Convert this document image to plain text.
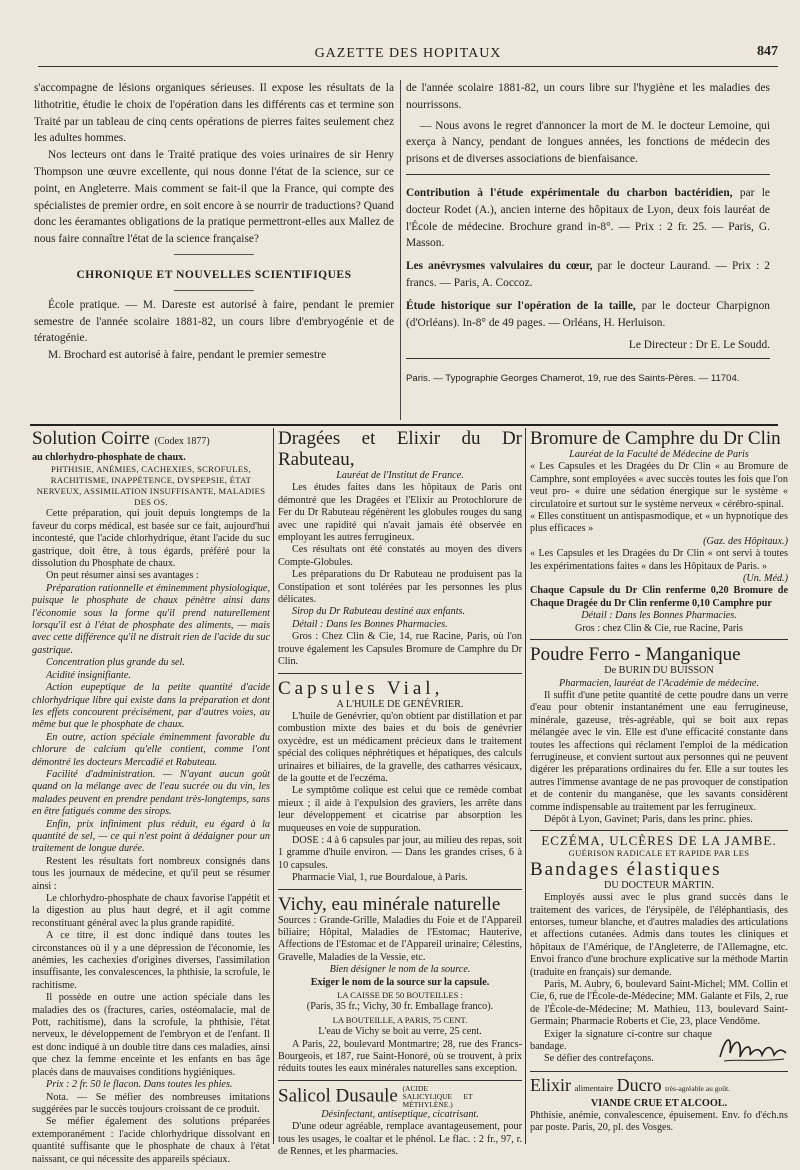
GAZETTE DES HOPITAUX	847

s'accompagne de lésions organiques sérieuses. Il expose les résultats de la lithotritie, étudie le choix de l'opération dans les différents cas et termine son Traité par un tableau de cinq cents opérations de pierres faites seulement chez les adultes hommes.

Nos lecteurs ont dans le Traité pratique des voies urinaires de sir Henry Thompson une œuvre excellente, qui nous donne l'état de la science, sur ce point, en Angleterre. Mais comment se fait-il que la France, qui compte des spécialistes de premier ordre, en soit encore à se nourrir de traductions? Quand donc les éeramantes obligations de la pratique permettront-elles aux Mallez de nous faire connaître l'état de la science française?

CHRONIQUE ET NOUVELLES SCIENTIFIQUES

École pratique. — M. Dareste est autorisé à faire, pendant le premier semestre de l'année scolaire 1881-82, un cours libre d'embryogénie et de tératogénie.

M. Brochard est autorisé à faire, pendant le premier semestre

de l'année scolaire 1881-82, un cours libre sur l'hygiène et les maladies des nourrissons.

— Nous avons le regret d'annoncer la mort de M. le docteur Lemoine, qui exerça à Nancy, pendant de longues années, les fonctions de médecin des prisons et de diverses associations de bienfaisance.

Contribution à l'étude expérimentale du charbon bactéridien, par le docteur Rodet (A.), ancien interne des hôpitaux de Lyon, deux fois lauréat de l'École de médecine. Brochure grand in-8°. — Prix : 2 fr. 25. — Paris, G. Masson.

Les anévrysmes valvulaires du cœur, par le docteur Laurand. — Prix : 2 francs. — Paris, A. Coccoz.

Étude historique sur l'opération de la taille, par le docteur Charpignon (d'Orléans). In-8° de 49 pages. — Orléans, H. Herluison.

Le Directeur : Dr E. Le Soudd.

Paris. — Typographie Georges Chamerot, 19, rue des Saints-Pères. — 11704.

Solution Coirre (Codex 1877)
au chlorhydro-phosphate de chaux.
PHTHISIE, ANÉMIES, CACHEXIES, SCROFULES, RACHITISME, INAPPÉTENCE, DYSPEPSIE, ÉTAT NERVEUX, ASSIMILATION INSUFFISANTE, MALADIES DES OS.

Cette préparation, qui jouit depuis longtemps de la faveur du corps médical, est basée sur ce fait, aujourd'hui incontesté, que l'acide chlorhydrique, étant l'acide du suc gastrique, doit être, à tous égards, préféré pour la dissolution du Phosphate de chaux.

On peut résumer ainsi ses avantages :

Préparation rationnelle et éminemment physiologique, puisque le phosphate de chaux pénètre ainsi dans l'économie sous la forme qu'il prend naturellement lorsqu'il est à l'état de phosphate des aliments, — mais avec cette différence qu'il ne distrait rien de l'acide du suc gastrique.

Concentration plus grande du sel.

Acidité insignifiante.

Action eupeptique de la petite quantité d'acide chlorhydrique libre qui existe dans la préparation et dont les effets concourent précisément, par d'autres voies, au même but que le phosphate de chaux.

En outre, action spéciale éminemment favorable du chlorure de calcium qu'elle contient, comme l'ont démontré les docteurs Mercadié et Rabuteau.

Facilité d'administration. — N'ayant aucun goût quand on la mélange avec de l'eau sucrée ou du vin, les malades peuvent en prendre pendant très-longtemps, sans en être fatigués comme des sirops.

Enfin, prix infiniment plus réduit, eu égard à la quantité de sel, — ce qui n'est point à dédaigner pour un traitement de longue durée.

Restent les résultats fort nombreux consignés dans tous les journaux de médecine, et qu'il peut se résumer ainsi :

Le chlorhydro-phosphate de chaux favorise l'appétit et la digestion au plus haut degré, et il agit comme reconstituant général avec la plus grande rapidité.

A ce titre, il est donc indiqué dans toutes les circonstances où il y a une dépression de l'économie, les anémies, les cachexies d'origines diverses, l'assimilation insuffisante, les convalescences, la phthisie, la scrofule, le rachitisme.

Il possède en outre une action spéciale dans les maladies des os (fractures, caries, ostéomalacie, mal de Pott, rachitisme), dans la scrofule, la phthisie, l'état nerveux, le développement de l'embryon et de l'enfant. Il est donc indiqué à un double titre dans ces maladies, ainsi que chez la femme enceinte et les enfants en bas âge placés dans de mauvaises conditions hygiéniques.

Prix : 2 fr. 50 le flacon. Dans toutes les phies.

Nota. — Se méfier des nombreuses imitations suggérées par le succès toujours croissant de ce produit.

Se méfier également des solutions préparées extemporanément : l'acide chlorhydrique dissolvant en quantité suffisante que le phosphate de chaux à l'état naissant, ce qui nécessite des appareils spéciaux.

Dragées et Elixir du Dr Rabuteau,
Lauréat de l'Institut de France.

Les études faites dans les hôpitaux de Paris ont démontré que les Dragées et l'Elixir au Protochlorure de Fer du Dr Rabuteau régénèrent les globules rouges du sang avec une rapidité qui n'avait jamais été observée en employant les autres ferrugineux.

Ces résultats ont été constatés au moyen des divers Compte-Globules.

Les préparations du Dr Rabuteau ne produisent pas la Constipation et sont tolérées par les personnes les plus délicates.

Sirop du Dr Rabuteau destiné aux enfants.

Détail : Dans les Bonnes Pharmacies.

Gros : Chez Clin & Cie, 14, rue Racine, Paris, où l'on trouve également les Capsules Bromure de Camphre du Dr Clin.

Capsules Vial,
A L'HUILE DE GENÉVRIER.

L'huile de Genévrier, qu'on obtient par distillation et par combustion mixte des baies et du bois de genévrier oxycèdre, est un médicament précieux dans le traitement spécial des coliques néphrétiques et hépatiques, des calculs urinaires et biliaires, de la gravelle, des catharres vésicaux, de la goutte et de l'eczéma.

Le symptôme colique est celui que ce remède combat mieux ; il aide à l'expulsion des graviers, les arrête dans leur développement et cicatrise par absorption les muqueuses en voie de suppuration.

DOSE : 4 à 6 capsules par jour, au milieu des repas, soit 1 gramme d'huile environ. — Dans les grandes crises, 6 à 10 capsules.

Pharmacie Vial, 1, rue Bourdaloue, à Paris.

Vichy, eau minérale naturelle

Sources : Grande-Grille, Maladies du Foie et de l'Appareil biliaire; Hôpital, Maladies de l'Estomac; Hauterive, Affections de l'Estomac et de l'Appareil urinaire; Célestins, Gravelle, Maladies de la Vessie, etc.

Bien désigner le nom de la source.

Exiger le nom de la source sur la capsule.

LA CAISSE DE 50 BOUTEILLES :

(Paris, 35 fr.; Vichy, 30 fr. Emballage franco).

LA BOUTEILLE, A PARIS, 75 CENT.

L'eau de Vichy se boit au verre, 25 cent.

A Paris, 22, boulevard Montmartre; 28, rue des Francs-Bourgeois, et 187, rue Saint-Honoré, où se trouvent, à prix réduits toutes les eaux minérales naturelles sans exception.

Salicol Dusaule (ACIDE SALICYLIQUE ET MÉTHYLÈNE.)
Désinfectant, antiseptique, cicatrisant.

D'une odeur agréable, remplace avantageusement, pour tous les usages, le coaltar et le phénol. Le flac. : 2 fr., 97, r. de Rennes, et les pharmacies.

Bromure de Camphre du Dr Clin
Lauréat de la Faculté de Médecine de Paris

« Les Capsules et les Dragées du Dr Clin « au Bromure de Camphre, sont employées « avec succès toutes les fois que l'on veut pro- « duire une sédation énergique sur le système « circulatoire et surtout sur le système nerveux « cérébro-spinal.

« Elles constituent un antispasmodique, et « un hypnotique des plus efficaces »

(Gaz. des Hôpitaux.)

« Les Capsules et les Dragées du Dr Clin « ont servi à toutes les expérimentations faites « dans les Hôpitaux de Paris. »

(Un. Méd.)

Chaque Capsule du Dr Clin renferme 0,20 Bromure de Chaque Dragée du Dr Clin renferme 0,10 Camphre pur

Détail : Dans les Bonnes Pharmacies.

Gros : chez Clin & Cie, rue Racine, Paris

Poudre Ferro - Manganique
De BURIN DU BUISSON
Pharmacien, lauréat de l'Académie de médecine.

Il suffit d'une petite quantité de cette poudre dans un verre d'eau pour obtenir instantanément une eau ferrugineuse, minérale, gazeuse, très-agréable, qui se boit aux repas mélangée avec le vin. Elle est d'une efficacité constante dans toutes les affections qui réclament l'emploi de la médication ferrugineuse, et convient surtout aux personnes qui ne peuvent digérer les préparations ordinaires du fer. Elle a sur toutes les autres l'immense avantage de ne pas provoquer de constipation et de contenir du manganèse, que les savants considèrent comme indispensable au traitement par les ferrugineux.

Dépôt à Lyon, Gavinet; Paris, dans les princ. phies.

ECZÉMA, ULCÈRES DE LA JAMBE.
GUÉRISON RADICALE ET RAPIDE PAR LES
Bandages élastiques
DU DOCTEUR MARTIN.

Employés aussi avec le plus grand succès dans le traitement des varices, de l'érysipèle, de l'éléphantiasis, des entorses, tumeur blanche, et d'autres maladies des articulations et affections cutanées. Admis dans toutes les cliniques et hôpitaux de l'Amérique, de l'Angleterre, de l'Allemagne, etc. Envoi franco d'une brochure explicative sur la méthode Martin (traduite en français) sur demande.

Paris, M. Aubry, 6, boulevard Saint-Michel; MM. Collin et Cie, 6, rue de l'École-de-Médecine; MM. Galante et Fils, 2, rue de l'École-de-Médecine; M. Mathieu, 113, boulevard Saint-Germain; Pharmacie Roberts et Cie, 23, place Vendôme.

Exiger la signature ci-contre sur chaque bandage.

Se défier des contrefaçons.

Elixir alimentaire Ducro très-agréable au goût.
VIANDE CRUE ET ALCOOL.

Phthisie, anémie, convalescence, épuisement. Env. fo d'éch.ns par poste. Paris, 20, pl. des Vosges.
